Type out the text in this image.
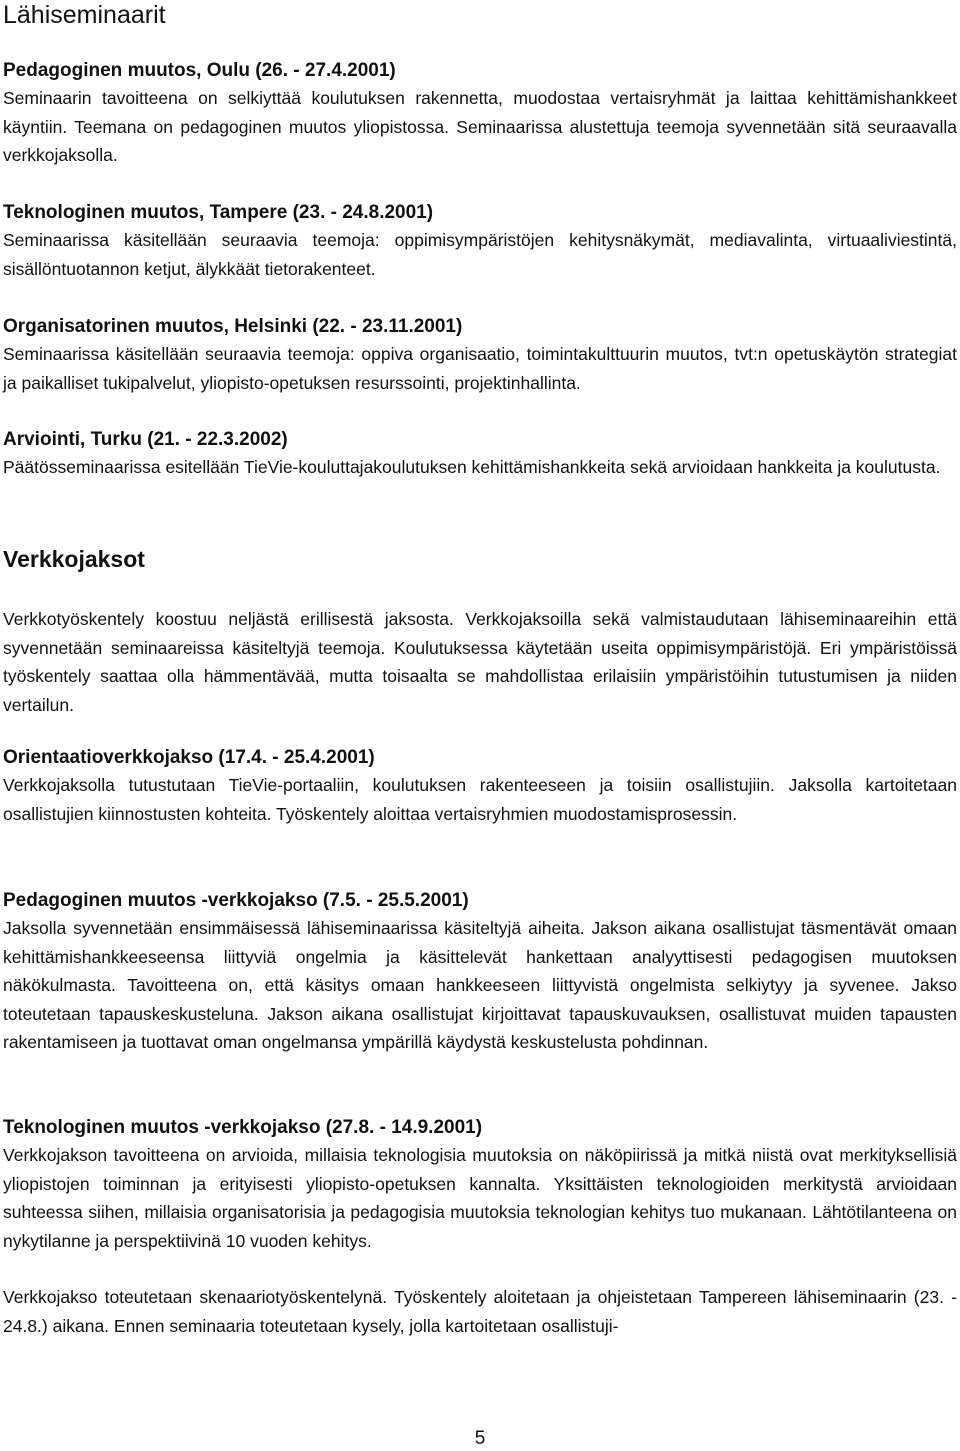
Lähiseminaarit
Pedagoginen muutos, Oulu (26. - 27.4.2001)

Seminaarin tavoitteena on selkiyttää koulutuksen rakennetta, muodostaa vertaisryhmät ja laittaa kehittämishankkeet käyntiin. Teemana on pedagoginen muutos yliopistossa. Seminaarissa alustettuja teemoja syvennetään sitä seuraavalla verkkojaksolla.

Teknologinen muutos, Tampere (23. - 24.8.2001)

Seminaarissa käsitellään seuraavia teemoja: oppimisympäristöjen kehitysnäkymät, mediavalinta, virtuaaliviestintä, sisällöntuotannon ketjut, älykkäät tietorakenteet.

Organisatorinen muutos, Helsinki (22. - 23.11.2001)

Seminaarissa käsitellään seuraavia teemoja: oppiva organisaatio, toimintakulttuurin muutos, tvt:n opetuskäytön strategiat ja paikalliset tukipalvelut, yliopisto-opetuksen resurssointi, projektinhallinta.

Arviointi, Turku (21. - 22.3.2002)

Päätösseminaarissa esitellään TieVie-kouluttajakoulutuksen kehittämishankkeita sekä arvioidaan hankkeita ja koulutusta.

Verkkojaksot

Verkkotyöskentely koostuu neljästä erillisestä jaksosta. Verkkojaksoilla sekä valmistaudutaan lähiseminaareihin että syvennetään seminaareissa käsiteltyjä teemoja. Koulutuksessa käytetään useita oppimisympäristöjä. Eri ympäristöissä työskentely saattaa olla hämmentävää, mutta toisaalta se mahdollistaa erilaisiin ympäristöihin tutustumisen ja niiden vertailun.

Orientaatioverkkojakso (17.4. - 25.4.2001)

Verkkojaksolla tutustutaan TieVie-portaaliin, koulutuksen rakenteeseen ja toisiin osallistujiin. Jaksolla kartoitetaan osallistujien kiinnostusten kohteita. Työskentely aloittaa vertaisryhmien muodostamisprosessin.

Pedagoginen muutos -verkkojakso (7.5. - 25.5.2001)

Jaksolla syvennetään ensimmäisessä lähiseminaarissa käsiteltyjä aiheita. Jakson aikana osallistujat täsmentävät omaan kehittämishankkeeseensa liittyviä ongelmia ja käsittelevät hankettaan analyyttisesti pedagogisen muutoksen näkökulmasta. Tavoitteena on, että käsitys omaan hankkeeseen liittyvistä ongelmista selkiytyy ja syvenee. Jakso toteutetaan tapauskeskusteluna. Jakson aikana osallistujat kirjoittavat tapauskuvauksen, osallistuvat muiden tapausten rakentamiseen ja tuottavat oman ongelmansa ympärillä käydystä keskustelusta pohdinnan.

Teknologinen muutos -verkkojakso (27.8. - 14.9.2001)

Verkkojakson tavoitteena on arvioida, millaisia teknologisia muutoksia on näköpiirissä ja mitkä niistä ovat merkityksellisiä yliopistojen toiminnan ja erityisesti yliopisto-opetuksen kannalta. Yksittäisten teknologioiden merkitystä arvioidaan suhteessa siihen, millaisia organisatorisia ja pedagogisia muutoksia teknologian kehitys tuo mukanaan. Lähtötilanteena on nykytilanne ja perspektiivinä 10 vuoden kehitys.

Verkkojakso toteutetaan skenaariotyöskentelynä. Työskentely aloitetaan ja ohjeistetaan Tampereen lähiseminaarin (23. - 24.8.) aikana. Ennen seminaaria toteutetaan kysely, jolla kartoitetaan osallistuji-

5
